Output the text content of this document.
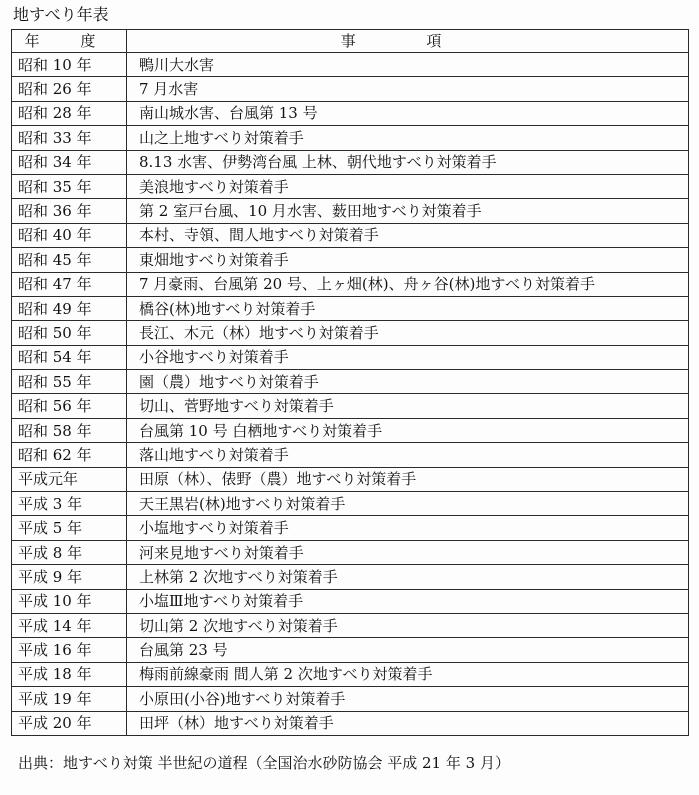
地すべり年表
年 度	事 項
昭和 10 年	鴨川大水害
昭和 26 年	7 月水害
昭和 28 年	南山城水害、台風第 13 号
昭和 33 年	山之上地すべり対策着手
昭和 34 年	8.13 水害、伊勢湾台風 上林、朝代地すべり対策着手
昭和 35 年	美浪地すべり対策着手
昭和 36 年	第 2 室戸台風、10 月水害、薮田地すべり対策着手
昭和 40 年	本村、寺領、間人地すべり対策着手
昭和 45 年	東畑地すべり対策着手
昭和 47 年	7 月豪雨、台風第 20 号、上ヶ畑(林)、舟ヶ谷(林)地すべり対策着手
昭和 49 年	橋谷(林)地すべり対策着手
昭和 50 年	長江、木元（林）地すべり対策着手
昭和 54 年	小谷地すべり対策着手
昭和 55 年	園（農）地すべり対策着手
昭和 56 年	切山、菅野地すべり対策着手
昭和 58 年	台風第 10 号 白栖地すべり対策着手
昭和 62 年	落山地すべり対策着手
平成元年	田原（林）、俵野（農）地すべり対策着手
平成 3 年	天王黒岩(林)地すべり対策着手
平成 5 年	小塩地すべり対策着手
平成 8 年	河来見地すべり対策着手
平成 9 年	上林第 2 次地すべり対策着手
平成 10 年	小塩Ⅲ地すべり対策着手
平成 14 年	切山第 2 次地すべり対策着手
平成 16 年	台風第 23 号
平成 18 年	梅雨前線豪雨 間人第 2 次地すべり対策着手
平成 19 年	小原田(小谷)地すべり対策着手
平成 20 年	田坪（林）地すべり対策着手
出典：地すべり対策 半世紀の道程（全国治水砂防協会 平成 21 年 3 月）
